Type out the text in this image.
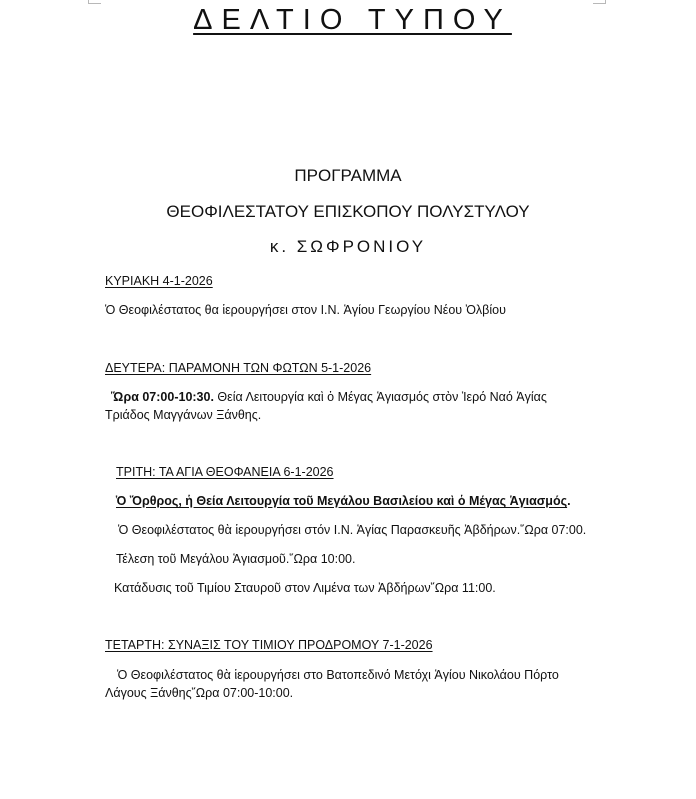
ΔΕΛΤΙΟ ΤΥΠΟΥ
ΠΡΟΓΡΑΜΜΑ
ΘΕΟΦΙΛΕΣΤΑΤΟΥ ΕΠΙΣΚΟΠΟΥ ΠΟΛΥΣΤΥΛΟΥ
κ. ΣΩΦΡΟΝΙΟΥ
ΚΥΡΙΑΚΗ 4-1-2026
Ὁ Θεοφιλέστατος θα ἱερουργήσει στον Ι.Ν. Ἁγίου Γεωργίου Νέου Ὀλβίου
ΔΕΥΤΕΡΑ: ΠΑΡΑΜΟΝΗ ΤΩΝ ΦΩΤΩΝ 5-1-2026
Ὥρα 07:00-10:30. Θεία Λειτουργία καὶ ὁ Μέγας Ἁγιασμός στὸν Ἱερό Ναό Ἁγίας Τριάδος Μαγγάνων Ξάνθης.
ΤΡΙΤΗ: ΤΑ ΑΓΙΑ ΘΕΟΦΑΝΕΙΑ 6-1-2026
Ὁ Ὄρθρος, ἡ Θεία Λειτουργία τοῦ Μεγάλου Βασιλείου καὶ ὁ Μέγας Ἁγιασμός.
Ὁ Θεοφιλέστατος θὰ ἱερουργήσει στόν Ι.Ν. Ἁγίας Παρασκευῆς Ἀβδήρων.῞Ωρα 07:00.
Τέλεση τοῦ Μεγάλου Ἁγιασμοῦ.῞Ωρα 10:00.
Κατάδυσις τοῦ Τιμίου Σταυροῦ στον Λιμένα των Ἀβδήρων῞Ωρα 11:00.
ΤΕΤΑΡΤΗ: ΣΥΝΑΞΙΣ ΤΟΥ ΤΙΜΙΟΥ ΠΡΟΔΡΟΜΟΥ 7-1-2026
Ὁ Θεοφιλέστατος θὰ ἱερουργήσει στο Βατοπεδινό Μετόχι Ἁγίου Νικολάου Πόρτο Λάγους Ξάνθης῞Ωρα 07:00-10:00.
